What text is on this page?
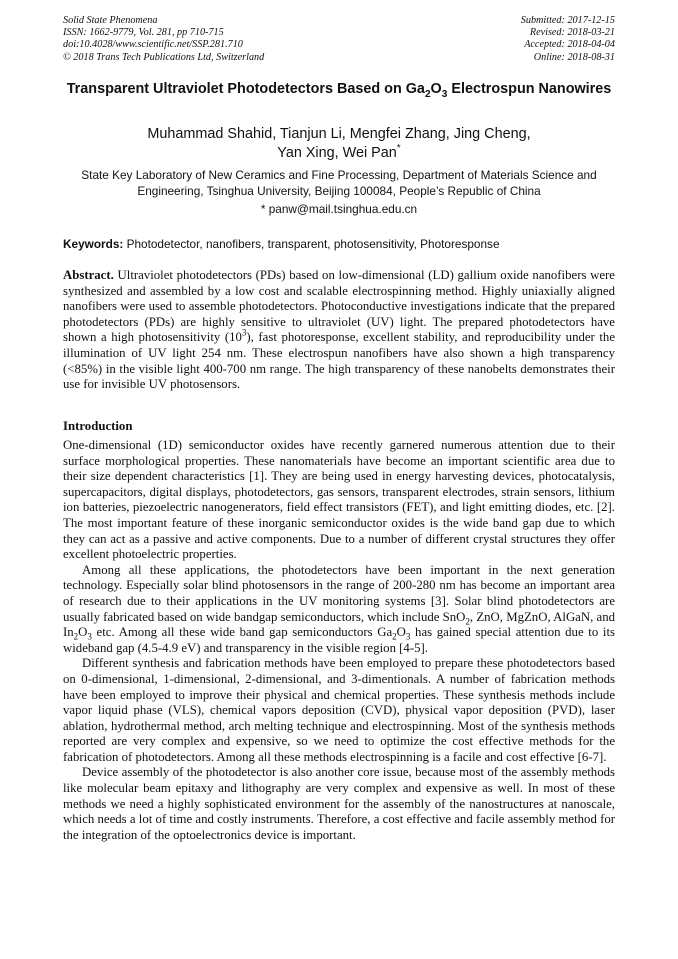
Solid State Phenomena
ISSN: 1662-9779, Vol. 281, pp 710-715
doi:10.4028/www.scientific.net/SSP.281.710
© 2018 Trans Tech Publications Ltd, Switzerland
Submitted: 2017-12-15
Revised: 2018-03-21
Accepted: 2018-04-04
Online: 2018-08-31
Transparent Ultraviolet Photodetectors Based on $Ga_2O_3$ Electrospun Nanowires
Muhammad Shahid, Tianjun Li, Mengfei Zhang, Jing Cheng,
Yan Xing, Wei Pan*
State Key Laboratory of New Ceramics and Fine Processing, Department of Materials Science and Engineering, Tsinghua University, Beijing 100084, People’s Republic of China
* panw@mail.tsinghua.edu.cn
Keywords: Photodetector, nanofibers, transparent, photosensitivity, Photoresponse
Abstract. Ultraviolet photodetectors (PDs) based on low-dimensional (LD) gallium oxide nanofibers were synthesized and assembled by a low cost and scalable electrospinning method. Highly uniaxially aligned nanofibers were used to assemble photodetectors. Photoconductive investigations indicate that the prepared photodetectors (PDs) are highly sensitive to ultraviolet (UV) light. The prepared photodetectors have shown a high photosensitivity $(10^3)$, fast photoresponse, excellent stability, and reproducibility under the illumination of UV light 254 nm. These electrospun nanofibers have also shown a high transparency (<85%) in the visible light 400-700 nm range. The high transparency of these nanobelts demonstrates their use for invisible UV photosensors.
Introduction

One-dimensional (1D) semiconductor oxides have recently garnered numerous attention due to their surface morphological properties. These nanomaterials have become an important scientific area due to their size dependent characteristics [1]. They are being used in energy harvesting devices, photocatalysis, supercapacitors, digital displays, photodetectors, gas sensors, transparent electrodes, strain sensors, lithium ion batteries, piezoelectric nanogenerators, field effect transistors (FET), and light emitting diodes, etc. [2]. The most important feature of these inorganic semiconductor oxides is the wide band gap due to which they can act as a passive and active components. Due to a number of different crystal structures they offer excellent photoelectric properties.

Among all these applications, the photodetectors have been important in the next generation technology. Especially solar blind photosensors in the range of 200-280 nm has become an important area of research due to their applications in the UV monitoring systems [3]. Solar blind photodetectors are usually fabricated based on wide bandgap semiconductors, which include SnO$_2$, ZnO, MgZnO, AlGaN, and $In_2O_3$ etc. Among all these wide band gap semiconductors $Ga_2O_3$ has gained special attention due to its wideband gap (4.5-4.9 eV) and transparency in the visible region [4-5].

Different synthesis and fabrication methods have been employed to prepare these photodetectors based on 0-dimensional, 1-dimensional, 2-dimensional, and 3-dimentionals. A number of fabrication methods have been employed to improve their physical and chemical properties. These synthesis methods include vapor liquid phase (VLS), chemical vapors deposition (CVD), physical vapor deposition (PVD), laser ablation, hydrothermal method, arch melting technique and electrospinning. Most of the synthesis methods reported are very complex and expensive, so we need to optimize the cost effective methods for the fabrication of photodetectors. Among all these methods electrospinning is a facile and cost effective [6-7].

Device assembly of the photodetector is also another core issue, because most of the assembly methods like molecular beam epitaxy and lithography are very complex and expensive as well. In most of these methods we need a highly sophisticated environment for the assembly of the nanostructures at nanoscale, which needs a lot of time and costly instruments. Therefore, a cost effective and facile assembly method for the integration of the optoelectronics device is important.
